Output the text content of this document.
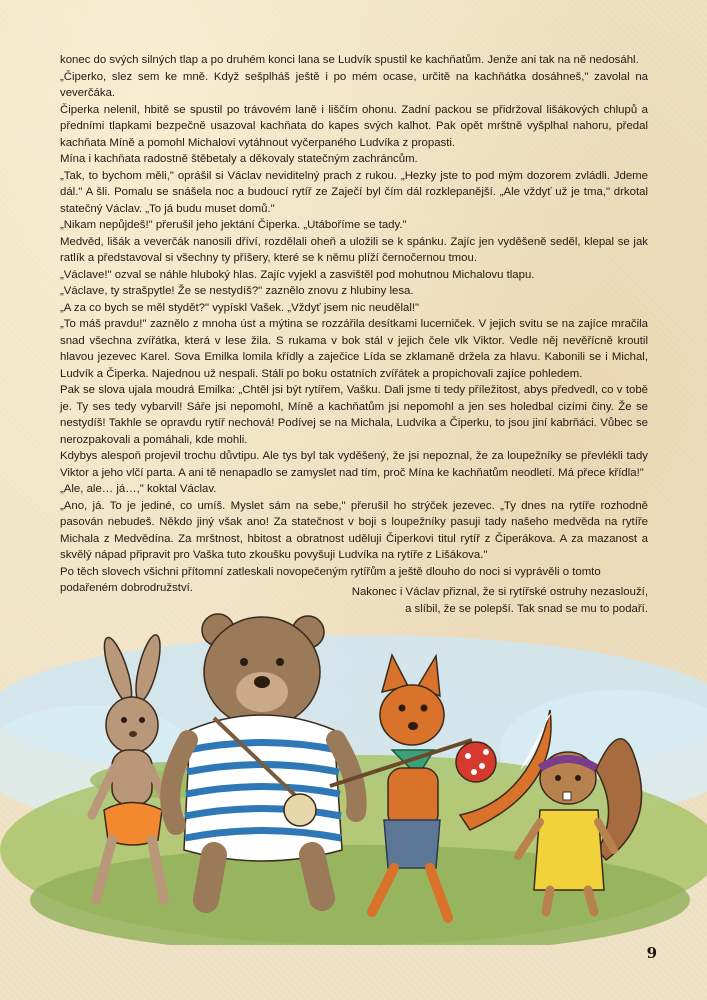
konec do svých silných tlap a po druhém konci lana se Ludvík spustil ke kachňatům. Jenže ani tak na ně nedosáhl.

„Čiperko, slez sem ke mně. Když sešplháš ještě i po mém ocase, určitě na kachňátka dosáhneš," zavolal na veverčáka.

Čiperka nelenil, hbitě se spustil po trávovém laně i liščím ohonu. Zadní packou se přidržoval lišákových chlupů a předními tlapkami bezpečně usazoval kachňata do kapes svých kalhot. Pak opět mrštně vyšplhal nahoru, předal kachňata Míně a pomohl Michalovi vytáhnout vyčerpaného Ludvíka z propasti.

Mína i kachňata radostně štěbetaly a děkovaly statečným zachráncům.

„Tak, to bychom měli," oprášil si Václav neviditelný prach z rukou. „Hezky jste to pod mým dozorem zvládli. Jdeme dál." A šli. Pomalu se snášela noc a budoucí rytíř ze Zaječí byl čím dál rozklepanější. „Ale vždyť už je tma," drkotal statečný Václav. „To já budu muset domů."

„Nikam nepůjdeš!" přerušil jeho jektání Čiperka. „Utáboříme se tady."

Medvěd, lišák a veverčák nanosili dříví, rozdělali oheň a uložili se k spánku. Zajíc jen vyděšeně seděl, klepal se jak ratlík a představoval si všechny ty příšery, které se k němu plíží černočernou tmou.

„Václave!" ozval se náhle hluboký hlas. Zajíc vyjekl a zasvištěl pod mohutnou Michalovu tlapu.

„Václave, ty strašpytle! Že se nestydíš?" zaznělo znovu z hlubiny lesa.

„A za co bych se měl stydět?" vypískl Vašek. „Vždyť jsem nic neudělal!"

„To máš pravdu!" zaznělo z mnoha úst a mýtina se rozzářila desítkami lucerniček. V jejich svitu se na zajíce mračila snad všechna zvířátka, která v lese žila. S rukama v bok stál v jejich čele vlk Viktor. Vedle něj nevěřícně kroutil hlavou jezevec Karel. Sova Emilka lomila křídly a zaječice Lída se zklamaně držela za hlavu. Kabonili se i Michal, Ludvík a Čiperka. Najednou už nespali. Stáli po boku ostatních zvířátek a propichovali zajíce pohledem.

Pak se slova ujala moudrá Emilka: „Chtěl jsi být rytířem, Vašku. Dali jsme ti tedy příležitost, abys předvedl, co v tobě je. Ty ses tedy vybarvil! Sáře jsi nepomohl, Míně a kachňatům jsi nepomohl a jen ses holedbal cizími činy. Že se nestydíš! Takhle se opravdu rytíř nechová! Podívej se na Michala, Ludvíka a Čiperku, to jsou jiní kabrňáci. Vůbec se nerozpakovali a pomáhali, kde mohli.

Kdybys alespoň projevil trochu důvtipu. Ale tys byl tak vyděšený, že jsi nepoznal, že za loupežníky se převlékli tady Viktor a jeho vlčí parta. A ani tě nenapadlo se zamyslet nad tím, proč Mína ke kachňatům neodletí. Má přece křídla!"

„Ale, ale… já…," koktal Václav.

„Ano, já. To je jediné, co umíš. Myslet sám na sebe," přerušil ho strýček jezevec. „Ty dnes na rytíře rozhodně pasován nebudeš. Někdo jiný však ano! Za statečnost v boji s loupežníky pasuji tady našeho medvěda na rytíře Michala z Medvědína. Za mrštnost, hbitost a obratnost uděluji Čiperkovi titul rytíř z Čiperákova. A za mazanost a skvělý nápad připravit pro Vaška tuto zkoušku povyšuji Ludvíka na rytíře z Lišákova."

Po těch slovech všichni přítomní zatleskali novopečeným rytířům a ještě dlouho do noci si vyprávěli o tomto podařeném dobrodružství.	Nakonec i Václav přiznal, že si rytířské ostruhy nezaslouží,

a slíbil, že se polepší. Tak snad se mu to podaří.

9
